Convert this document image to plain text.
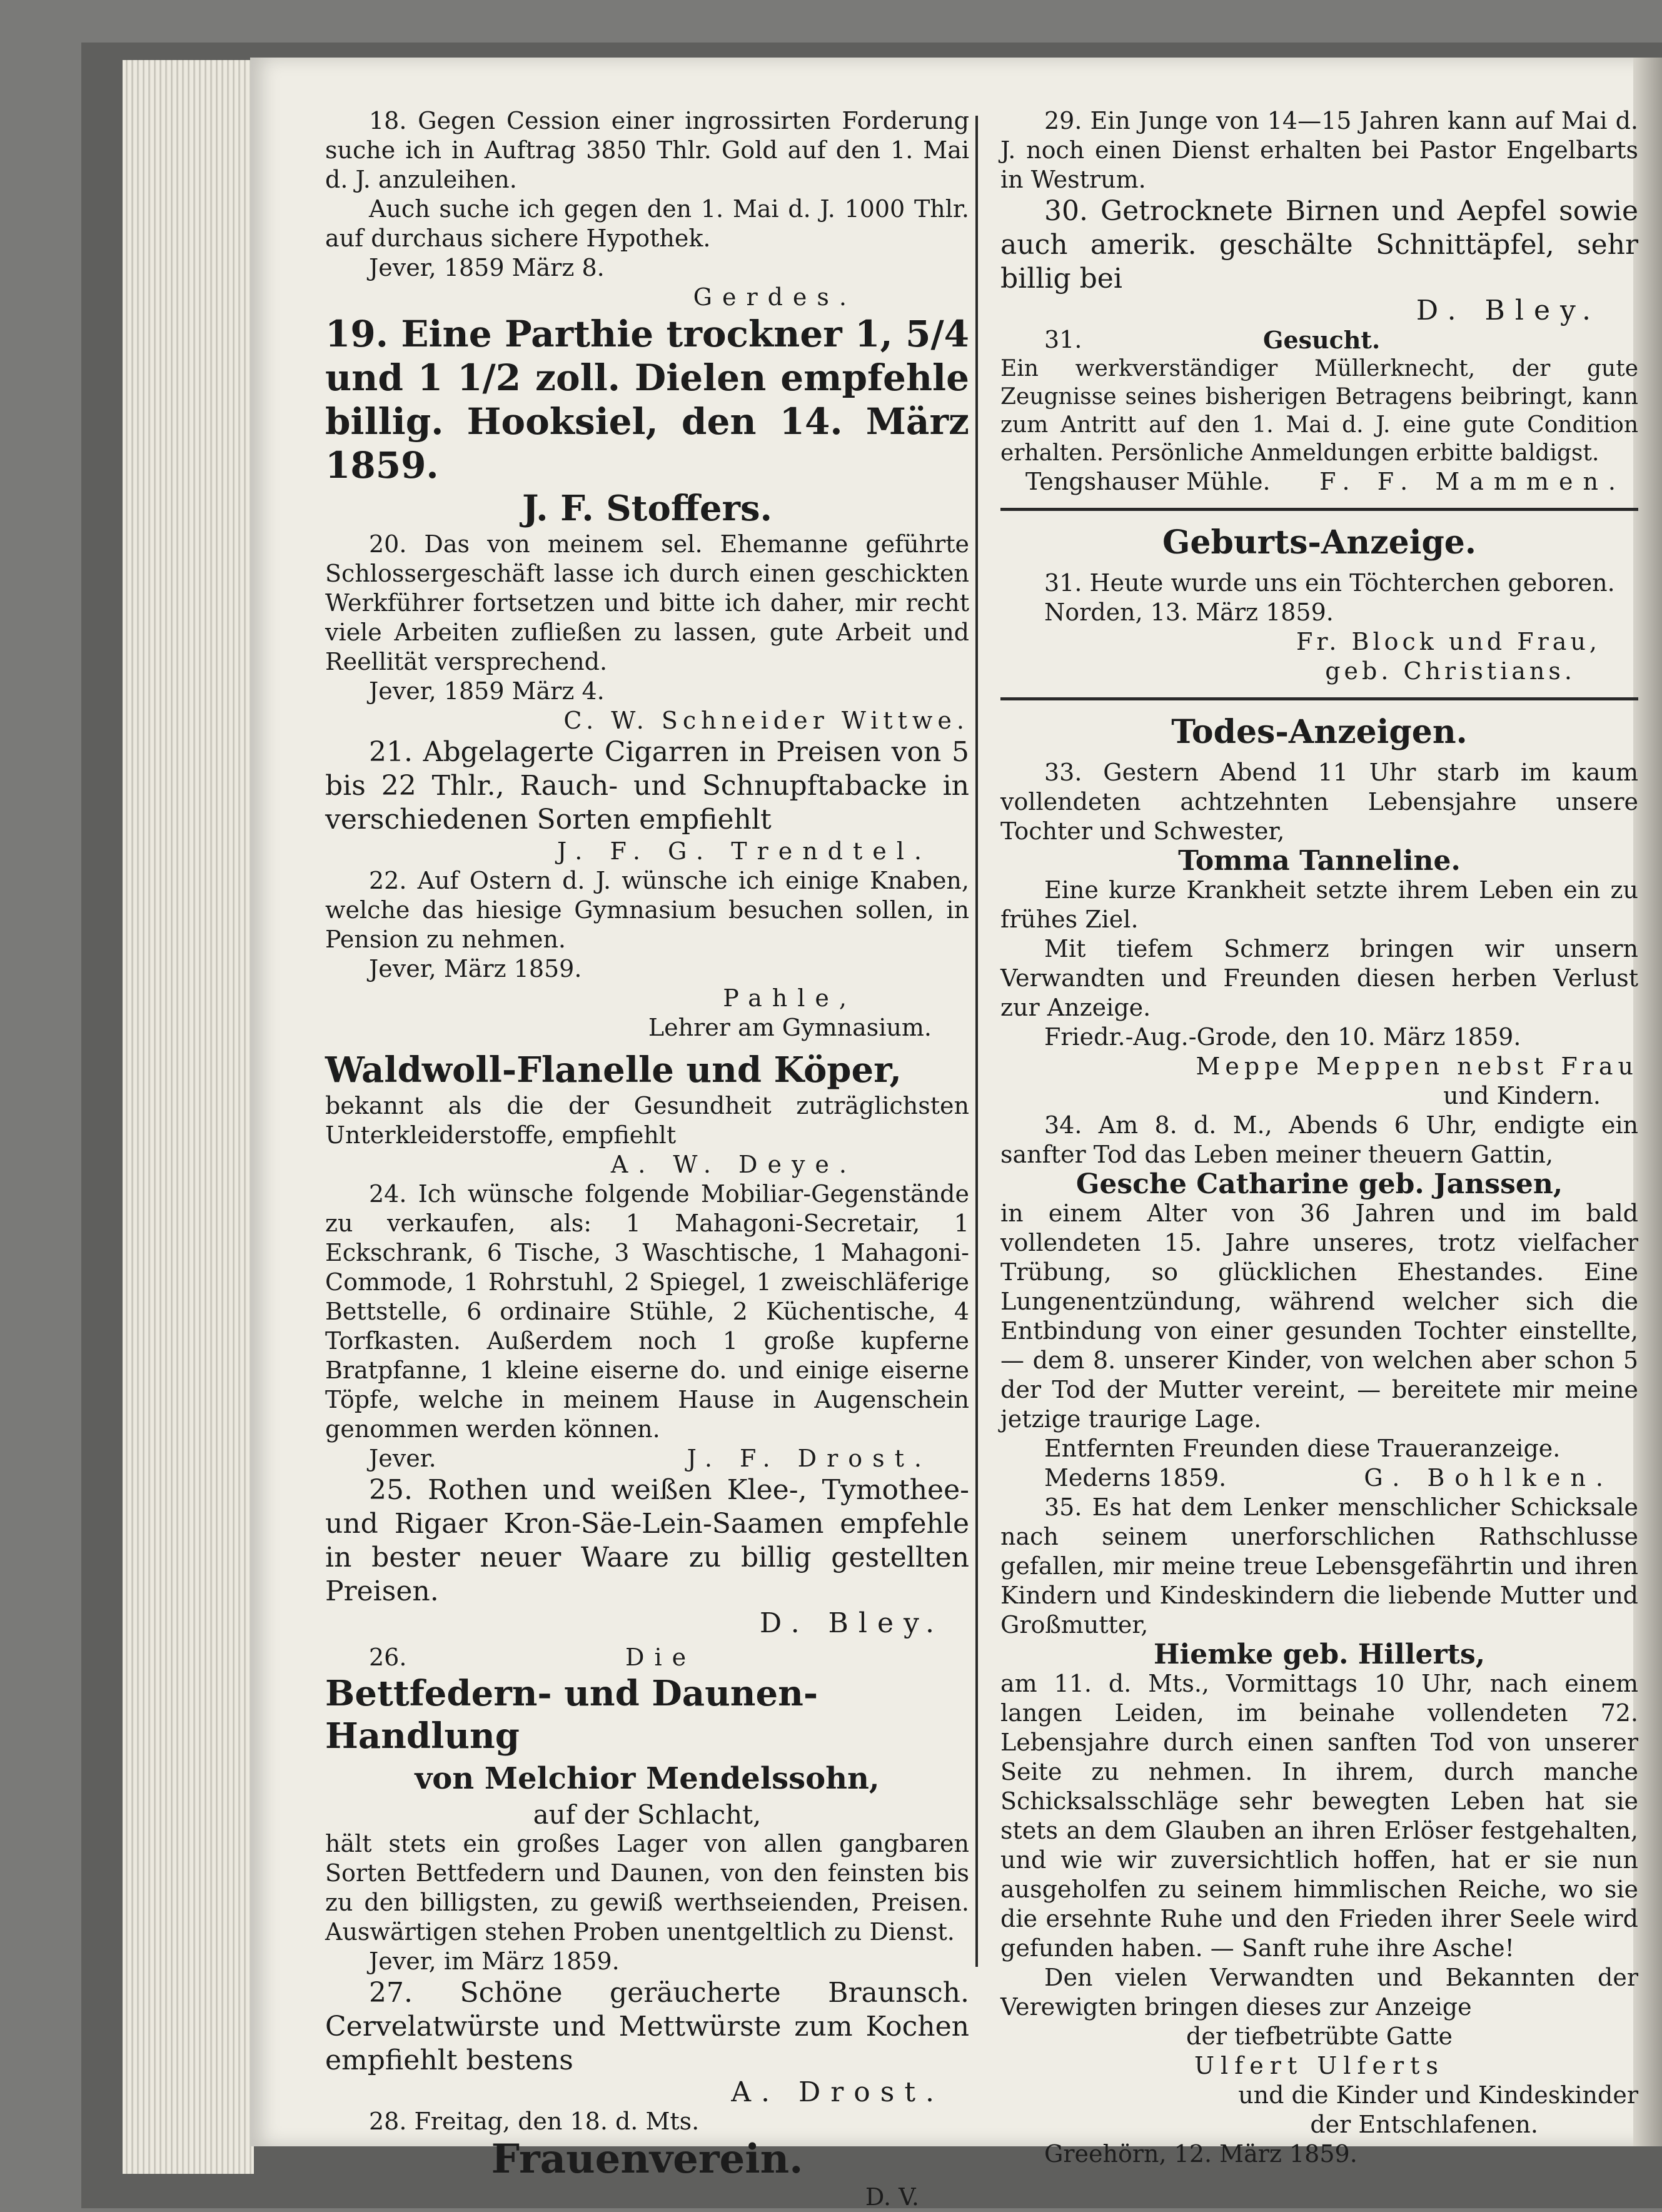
18. Gegen Cession einer ingrossirten Forderung suche ich in Auftrag 3850 Thlr. Gold auf den 1. Mai d. J. anzuleihen.

Auch suche ich gegen den 1. Mai d. J. 1000 Thlr. auf durchaus sichere Hypothek.

Jever, 1859 März 8.

Gerdes.

19. Eine Parthie trockner 1, 5/4 und 1 1/2 zoll. Dielen empfehle billig. Hooksiel, den 14. März 1859.

J. F. Stoffers.

20. Das von meinem sel. Ehemanne geführte Schlossergeschäft lasse ich durch einen geschickten Werkführer fortsetzen und bitte ich daher, mir recht viele Arbeiten zufließen zu lassen, gute Arbeit und Reellität versprechend.

Jever, 1859 März 4.

C. W. Schneider Wittwe.

21. Abgelagerte Cigarren in Preisen von 5 bis 22 Thlr., Rauch- und Schnupftabacke in verschiedenen Sorten empfiehlt

J. F. G. Trendtel.

22. Auf Ostern d. J. wünsche ich einige Knaben, welche das hiesige Gymnasium besuchen sollen, in Pension zu nehmen.

Jever, März 1859.

Pahle,

Lehrer am Gymnasium.

Waldwoll-Flanelle und Köper,

bekannt als die der Gesundheit zuträglichsten Unterkleiderstoffe, empfiehlt

A. W. Deye.

24. Ich wünsche folgende Mobiliar-Gegenstände zu verkaufen, als: 1 Mahagoni-Secretair, 1 Eckschrank, 6 Tische, 3 Waschtische, 1 Mahagoni-Commode, 1 Rohrstuhl, 2 Spiegel, 1 zweischläferige Bettstelle, 6 ordinaire Stühle, 2 Küchentische, 4 Torfkasten. Außerdem noch 1 große kupferne Bratpfanne, 1 kleine eiserne do. und einige eiserne Töpfe, welche in meinem Hause in Augenschein genommen werden können.

Jever.	J. F. Drost.

25. Rothen und weißen Klee-, Tymothee- und Rigaer Kron-Säe-Lein-Saamen empfehle in bester neuer Waare zu billig gestellten Preisen.

D. Bley.

26.	Die

Bettfedern- und Daunen-Handlung

von Melchior Mendelssohn,

auf der Schlacht,

hält stets ein großes Lager von allen gangbaren Sorten Bettfedern und Daunen, von den feinsten bis zu den billigsten, zu gewiß werthseienden, Preisen. Auswärtigen stehen Proben unentgeltlich zu Dienst.

Jever, im März 1859.

27. Schöne geräucherte Braunsch. Cervelatwürste und Mettwürste zum Kochen empfiehlt bestens

A. Drost.

28. Freitag, den 18. d. Mts.

Frauenverein.

D. V.

29. Ein Junge von 14—15 Jahren kann auf Mai d. J. noch einen Dienst erhalten bei Pastor Engelbarts in Westrum.

30. Getrocknete Birnen und Aepfel sowie auch amerik. geschälte Schnittäpfel, sehr billig bei

D. Bley.

31.	Gesucht.

Ein werkverständiger Müllerknecht, der gute Zeugnisse seines bisherigen Betragens beibringt, kann zum Antritt auf den 1. Mai d. J. eine gute Condition erhalten. Persönliche Anmeldungen erbitte baldigst.

Tengshauser Mühle. F. F. Mammen.

Geburts-Anzeige.

31. Heute wurde uns ein Töchterchen geboren.

Norden, 13. März 1859.

Fr. Block und Frau,

geb. Christians.

Todes-Anzeigen.

33. Gestern Abend 11 Uhr starb im kaum vollendeten achtzehnten Lebensjahre unsere Tochter und Schwester,

Tomma Tanneline.

Eine kurze Krankheit setzte ihrem Leben ein zu frühes Ziel.

Mit tiefem Schmerz bringen wir unsern Verwandten und Freunden diesen herben Verlust zur Anzeige.

Friedr.-Aug.-Grode, den 10. März 1859.

Meppe Meppen nebst Frau

und Kindern.

34. Am 8. d. M., Abends 6 Uhr, endigte ein sanfter Tod das Leben meiner theuern Gattin,

Gesche Catharine geb. Janssen,

in einem Alter von 36 Jahren und im bald vollendeten 15. Jahre unseres, trotz vielfacher Trübung, so glücklichen Ehestandes. Eine Lungenentzündung, während welcher sich die Entbindung von einer gesunden Tochter einstellte, — dem 8. unserer Kinder, von welchen aber schon 5 der Tod der Mutter vereint, — bereitete mir meine jetzige traurige Lage.

Entfernten Freunden diese Traueranzeige.

Mederns 1859.	G. Bohlken.

35. Es hat dem Lenker menschlicher Schicksale nach seinem unerforschlichen Rathschlusse gefallen, mir meine treue Lebensgefährtin und ihren Kindern und Kindeskindern die liebende Mutter und Großmutter,

Hiemke geb. Hillerts,

am 11. d. Mts., Vormittags 10 Uhr, nach einem langen Leiden, im beinahe vollendeten 72. Lebensjahre durch einen sanften Tod von unserer Seite zu nehmen. In ihrem, durch manche Schicksalsschläge sehr bewegten Leben hat sie stets an dem Glauben an ihren Erlöser festgehalten, und wie wir zuversichtlich hoffen, hat er sie nun ausgeholfen zu seinem himmlischen Reiche, wo sie die ersehnte Ruhe und den Frieden ihrer Seele wird gefunden haben. — Sanft ruhe ihre Asche!

Den vielen Verwandten und Bekannten der Verewigten bringen dieses zur Anzeige

der tiefbetrübte Gatte

Ulfert Ulferts

und die Kinder und Kindeskinder

der Entschlafenen.

Greehörn, 12. März 1859.
